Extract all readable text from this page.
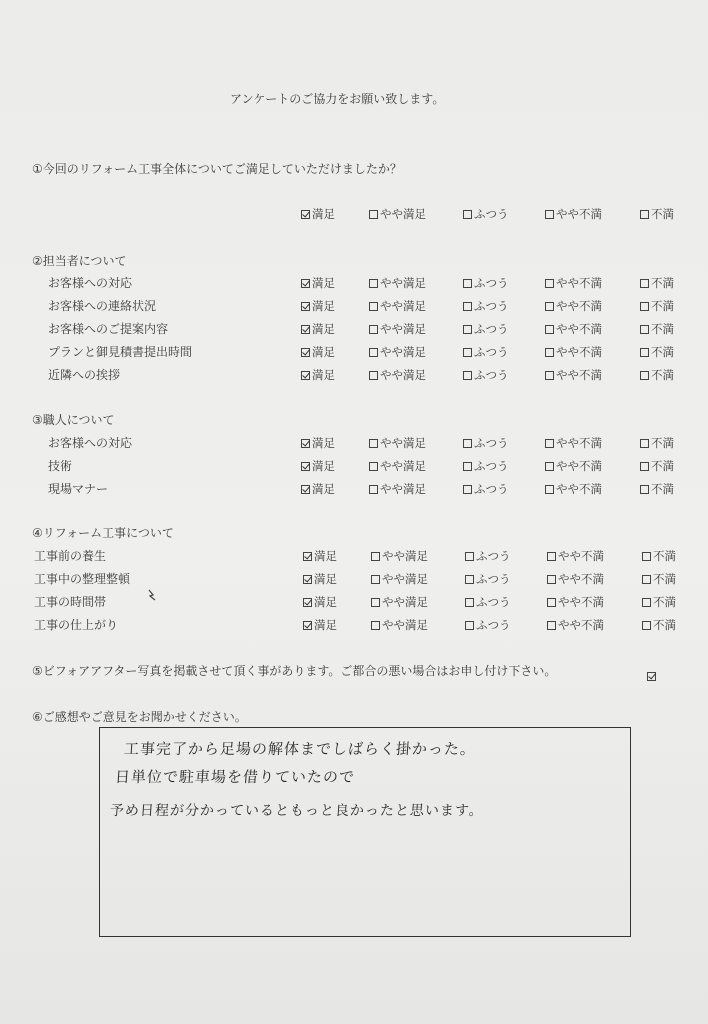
アンケートのご協力をお願い致します。
①今回のリフォーム工事全体についてご満足していただけましたか？
満足	やや満足	ふつう	やや不満	不満
②担当者について
お客様への対応	満足	やや満足	ふつう	やや不満	不満
お客様への連絡状況	満足	やや満足	ふつう	やや不満	不満
お客様へのご提案内容	満足	やや満足	ふつう	やや不満	不満
プランと御見積書提出時間	満足	やや満足	ふつう	やや不満	不満
近隣への挨拶	満足	やや満足	ふつう	やや不満	不満
③職人について
お客様への対応	満足	やや満足	ふつう	やや不満	不満
技術	満足	やや満足	ふつう	やや不満	不満
現場マナー	満足	やや満足	ふつう	やや不満	不満
④リフォーム工事について
工事前の養生	満足	やや満足	ふつう	やや不満	不満
工事中の整理整頓	満足	やや満足	ふつう	やや不満	不満
工事の時間帯	満足	やや満足	ふつう	やや不満	不満
工事の仕上がり	満足	やや満足	ふつう	やや不満	不満
⑤ビフォアアフター写真を掲載させて頂く事があります。ご都合の悪い場合はお申し付け下さい。
⑥ご感想やご意見をお聞かせください。
工事完了から足場の解体までしばらく掛かった。
日単位で駐車場を借りていたので
予め日程が分かっているともっと良かったと思います。
